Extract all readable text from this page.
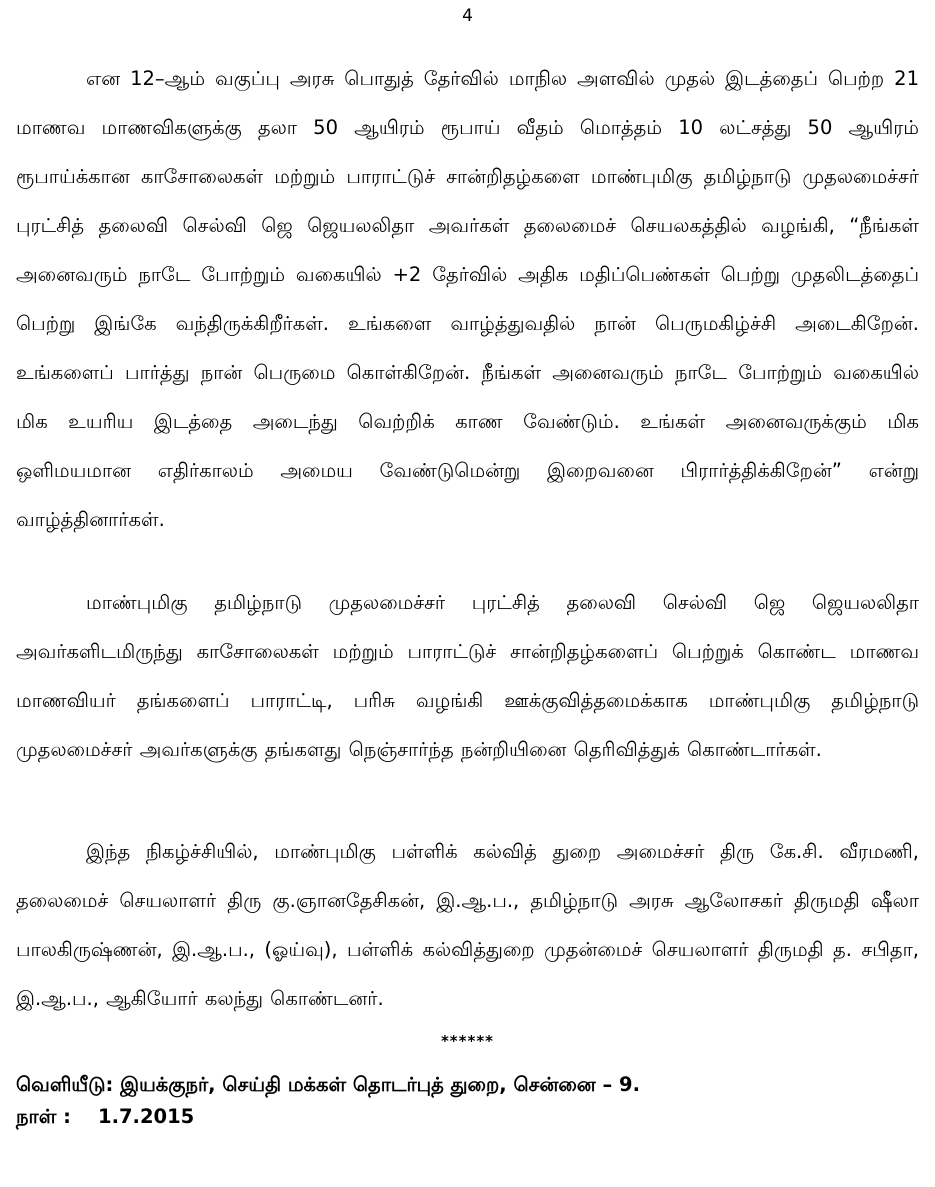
4

என 12–ஆம் வகுப்பு அரசு பொதுத் தேர்வில் மாநில அளவில் முதல் இடத்தைப் பெற்ற 21 மாணவ மாணவிகளுக்கு தலா 50 ஆயிரம் ரூபாய் வீதம் மொத்தம் 10 லட்சத்து 50 ஆயிரம் ரூபாய்க்கான காசோலைகள் மற்றும் பாராட்டுச் சான்றிதழ்களை மாண்புமிகு தமிழ்நாடு முதலமைச்சர் புரட்சித் தலைவி செல்வி ஜெ ஜெயலலிதா அவர்கள் தலைமைச் செயலகத்தில் வழங்கி, “நீங்கள் அனைவரும் நாடே போற்றும் வகையில் +2 தேர்வில் அதிக மதிப்பெண்கள் பெற்று முதலிடத்தைப் பெற்று இங்கே வந்திருக்கிறீர்கள். உங்களை வாழ்த்துவதில் நான் பெருமகிழ்ச்சி அடைகிறேன். உங்களைப் பார்த்து நான் பெருமை கொள்கிறேன். நீங்கள் அனைவரும் நாடே போற்றும் வகையில் மிக உயரிய இடத்தை அடைந்து வெற்றிக் காண வேண்டும். உங்கள் அனைவருக்கும் மிக ஒளிமயமான எதிர்காலம் அமைய வேண்டுமென்று இறைவனை பிரார்த்திக்கிறேன்” என்று வாழ்த்தினார்கள்.

மாண்புமிகு தமிழ்நாடு முதலமைச்சர் புரட்சித் தலைவி செல்வி ஜெ ஜெயலலிதா அவர்களிடமிருந்து காசோலைகள் மற்றும் பாராட்டுச் சான்றிதழ்களைப் பெற்றுக் கொண்ட மாணவ மாணவியர் தங்களைப் பாராட்டி, பரிசு வழங்கி ஊக்குவித்தமைக்காக மாண்புமிகு தமிழ்நாடு முதலமைச்சர் அவர்களுக்கு தங்களது நெஞ்சார்ந்த நன்றியினை தெரிவித்துக் கொண்டார்கள்.

இந்த நிகழ்ச்சியில், மாண்புமிகு பள்ளிக் கல்வித் துறை அமைச்சர் திரு கே.சி. வீரமணி, தலைமைச் செயலாளர் திரு கு.ஞானதேசிகன், இ.ஆ.ப., தமிழ்நாடு அரசு ஆலோசகர் திருமதி ஷீலா பாலகிருஷ்ணன், இ.ஆ.ப., (ஓய்வு), பள்ளிக் கல்வித்துறை முதன்மைச் செயலாளர் திருமதி த. சபிதா, இ.ஆ.ப., ஆகியோர் கலந்து கொண்டனர்.

******
வெளியீடு: இயக்குநர், செய்தி மக்கள் தொடர்புத் துறை, சென்னை – 9.
நாள் : 1.7.2015
